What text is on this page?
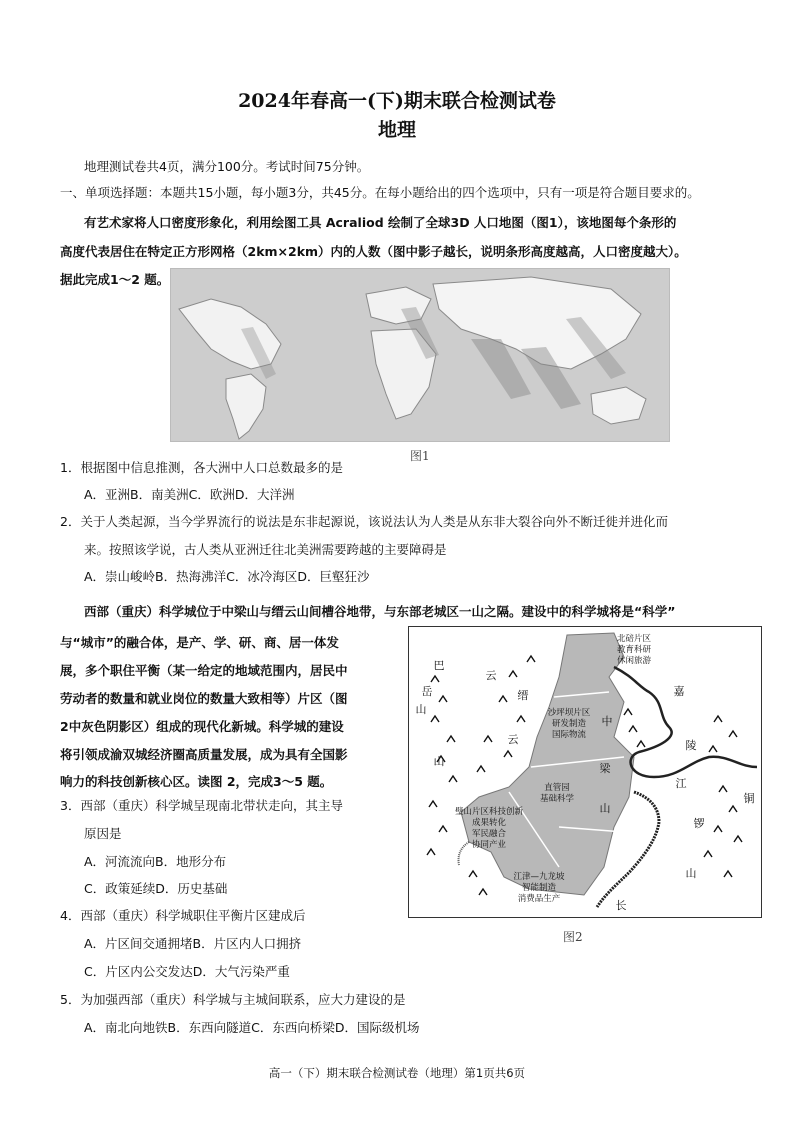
2024年春高一(下)期末联合检测试卷
地理
地理测试卷共4页，满分100分。考试时间75分钟。
一、单项选择题：本题共15小题，每小题3分，共45分。在每小题给出的四个选项中，只有一项是符合题目要求的。
有艺术家将人口密度形象化，利用绘图工具 Acraliod 绘制了全球3D 人口地图（图1），该地图每个条形的
高度代表居住在特定正方形网格（2km×2km）内的人数（图中影子越长，说明条形高度越高，人口密度越大）。
据此完成1～2 题。
图1
1．根据图中信息推测，各大洲中人口总数最多的是
A．亚洲B．南美洲C．欧洲D．大洋洲
2．关于人类起源，当今学界流行的说法是东非起源说，该说法认为人类是从东非大裂谷向外不断迁徙并进化而
来。按照该学说，古人类从亚洲迁往北美洲需要跨越的主要障碍是
A．崇山峻岭B．热海沸洋C．冰冷海区D．巨壑狂沙
西部（重庆）科学城位于中梁山与缙云山间槽谷地带，与东部老城区一山之隔。建设中的科学城将是“科学”
与“城市”的融合体，是产、学、研、商、居一体发
展，多个职住平衡（某一给定的地域范围内，居民中
劳动者的数量和就业岗位的数量大致相等）片区（图
2中灰色阴影区）组成的现代化新城。科学城的建设
将引领成渝双城经济圈高质量发展，成为具有全国影
响力的科技创新核心区。读图 2，完成3～5 题。
3．西部（重庆）科学城呈现南北带状走向，其主导
原因是
A．河流流向B．地形分布
C．政策延续D．历史基础
4．西部（重庆）科学城职住平衡片区建成后
A．片区间交通拥堵B．片区内人口拥挤
C．片区内公交发达D．大气污染严重
5．为加强西部（重庆）科学城与主城间联系，应大力建设的是
A．南北向地铁B．东西向隧道C．东西向桥梁D．国际级机场
北碚片区
教育科研
休闲旅游
沙坪坝片区
研发制造
国际物流
直管园
基础科学
璧山片区科技创新
成果转化
军民融合
协同产业
江津—九龙坡
智能制造
消费品生产
巴
岳
山
云
缙
云
山
中
梁
山
铜
锣
山
嘉
陵
江
长
图2
高一（下）期末联合检测试卷（地理）第1页共6页
